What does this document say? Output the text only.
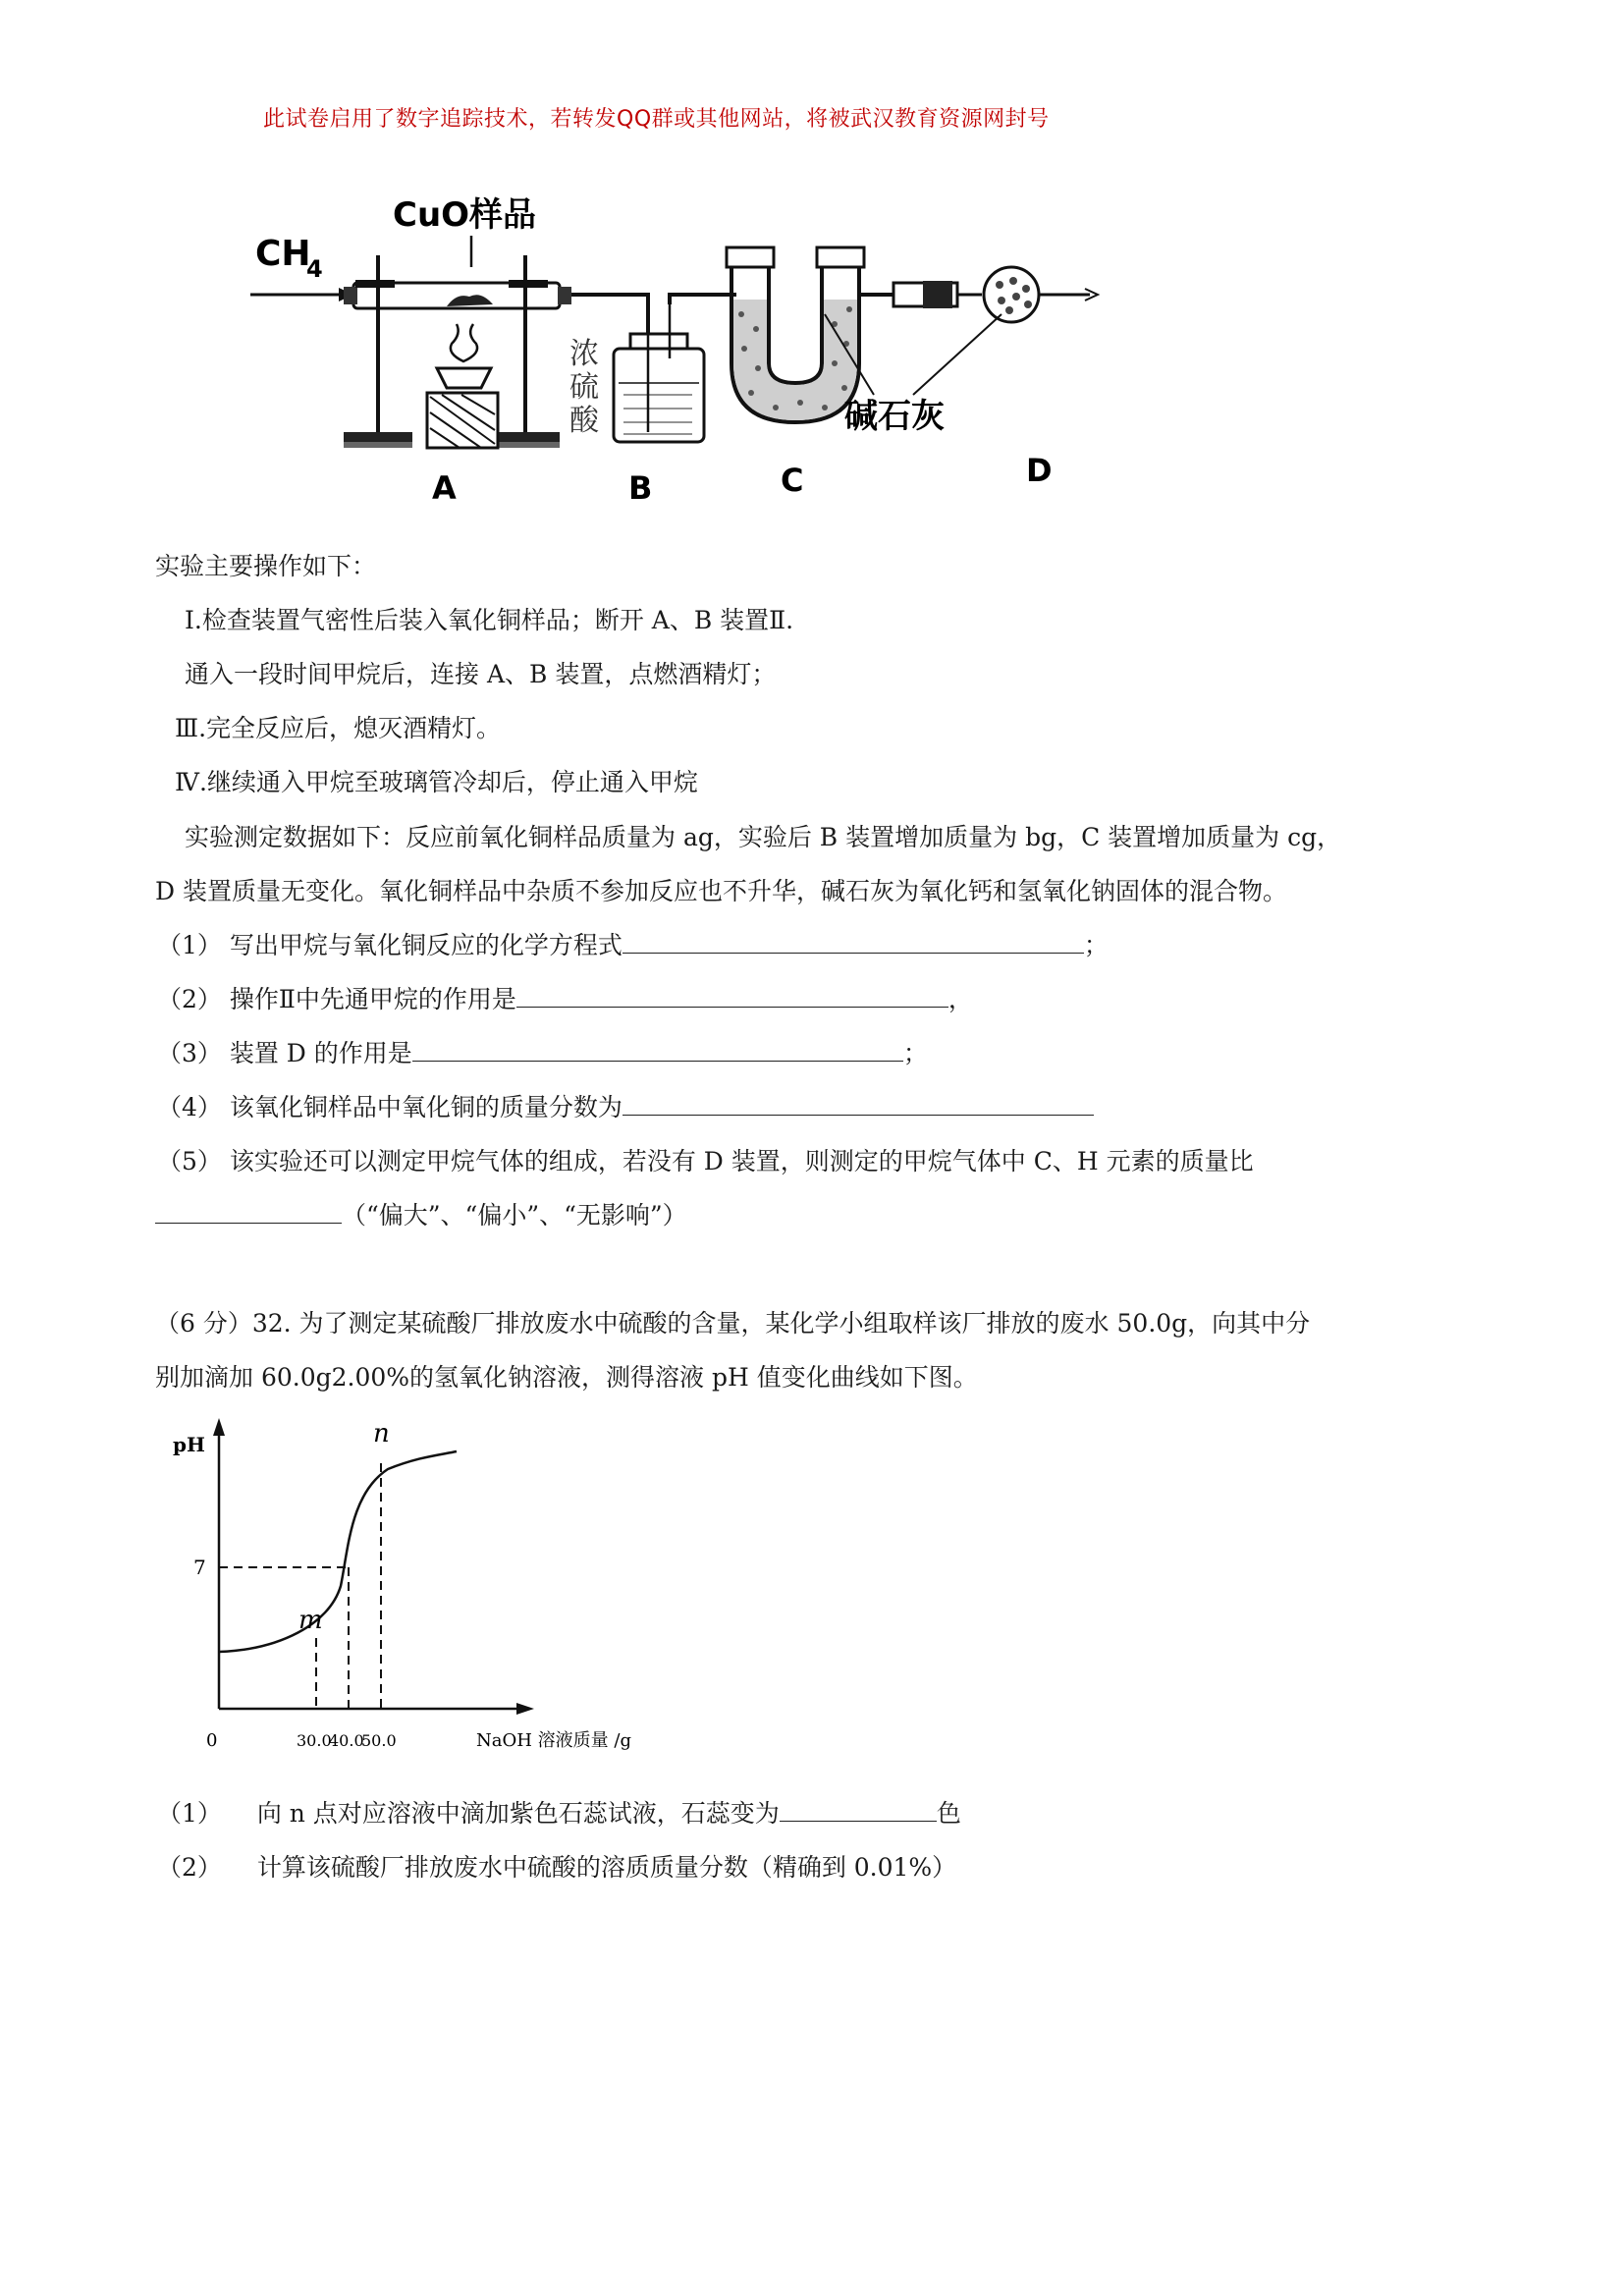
此试卷启用了数字追踪技术，若转发QQ群或其他网站，将被武汉教育资源网封号
CH
4
CuO样品
浓
硫
酸	碱石灰
A	B	C	D
实验主要操作如下：
Ⅰ.检查装置气密性后装入氧化铜样品；断开 A、B 装置Ⅱ.
通入一段时间甲烷后，连接 A、B 装置，点燃酒精灯；
Ⅲ.完全反应后，熄灭酒精灯。
Ⅳ.继续通入甲烷至玻璃管冷却后，停止通入甲烷
实验测定数据如下：反应前氧化铜样品质量为 ag，实验后 B 装置增加质量为 bg，C 装置增加质量为 cg，
D 装置质量无变化。氧化铜样品中杂质不参加反应也不升华，碱石灰为氧化钙和氢氧化钠固体的混合物。
（1） 写出甲烷与氧化铜反应的化学方程式	；
（2） 操作Ⅱ中先通甲烷的作用是	，
（3） 装置 D 的作用是	；
（4） 该氧化铜样品中氧化铜的质量分数为
（5） 该实验还可以测定甲烷气体的组成，若没有 D 装置，则测定的甲烷气体中 C、H 元素的质量比
（“偏大”、“偏小”、“无影响”）
（6 分）32. 为了测定某硫酸厂排放废水中硫酸的含量，某化学小组取样该厂排放的废水 50.0g，向其中分
别加滴加 60.0g2.00%的氢氧化钠溶液，测得溶液 pH 值变化曲线如下图。
pH
NaOH 溶液质量 /g
0
7
30.0
40.0
50.0
m
n
（1） 向 n 点对应溶液中滴加紫色石蕊试液，石蕊变为	色
（2） 计算该硫酸厂排放废水中硫酸的溶质质量分数（精确到 0.01%）
